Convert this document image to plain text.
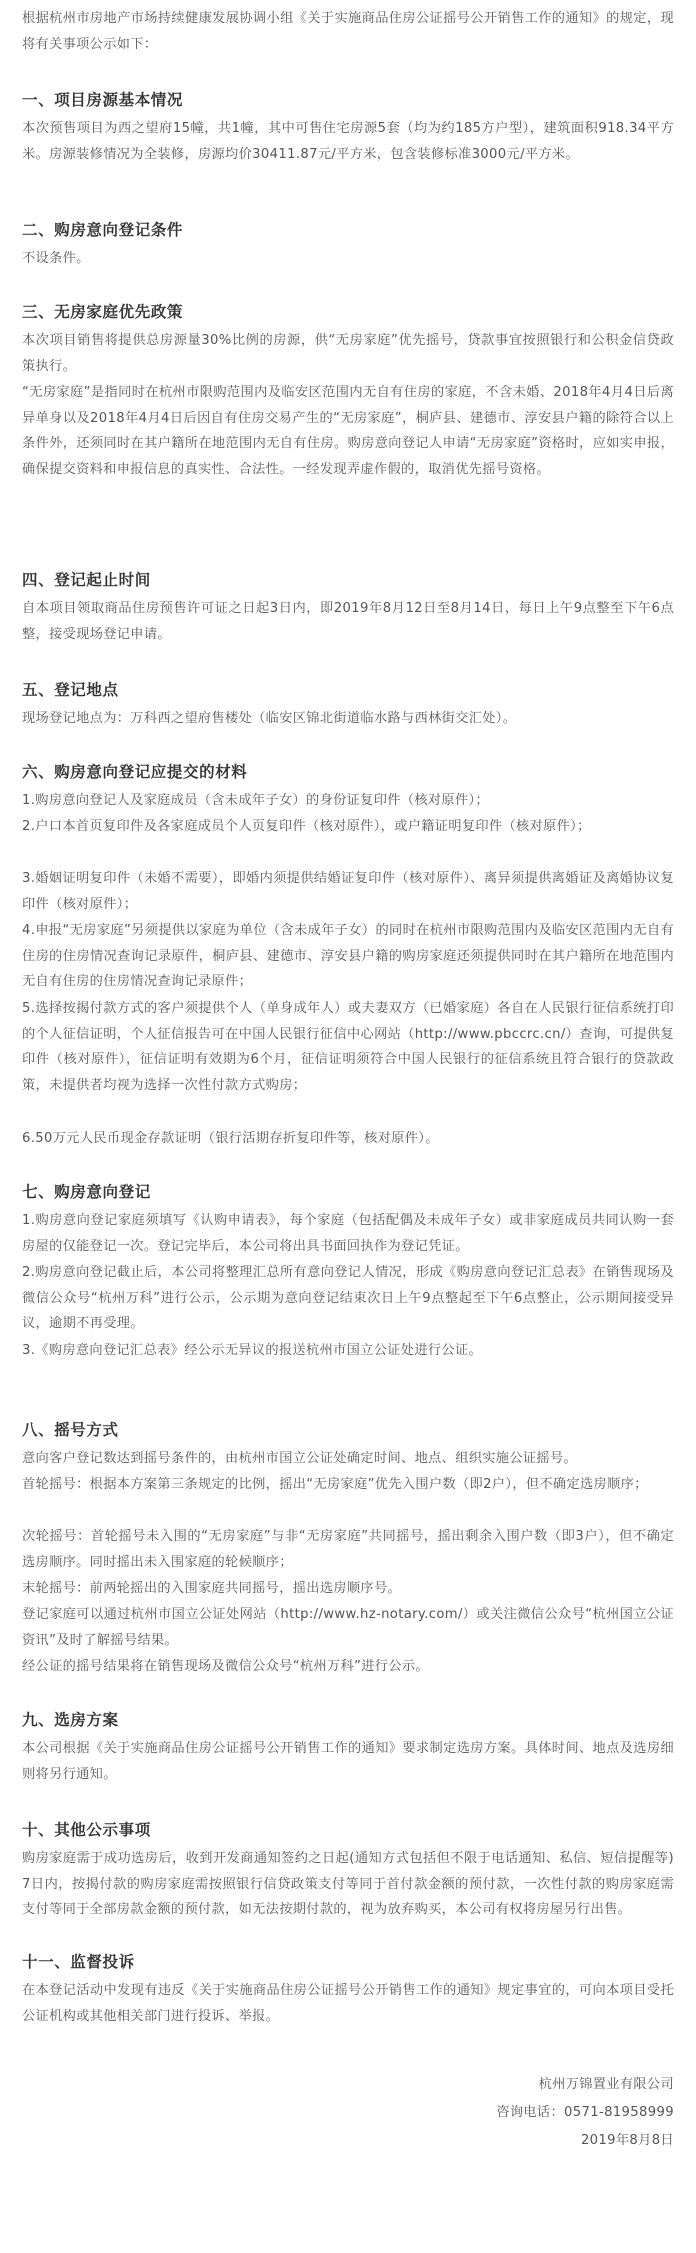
根据杭州市房地产市场持续健康发展协调小组《关于实施商品住房公证摇号公开销售工作的通知》的规定，现将有关事项公示如下：

一、项目房源基本情况

本次预售项目为西之望府15幢，共1幢，其中可售住宅房源5套（均为约185方户型），建筑面积918.34平方米。房源装修情况为全装修，房源均价30411.87元/平方米，包含装修标准3000元/平方米。

二、购房意向登记条件

不设条件。

三、无房家庭优先政策

本次项目销售将提供总房源量30%比例的房源，供“无房家庭”优先摇号，贷款事宜按照银行和公积金信贷政策执行。

“无房家庭”是指同时在杭州市限购范围内及临安区范围内无自有住房的家庭，不含未婚、2018年4月4日后离异单身以及2018年4月4日后因自有住房交易产生的“无房家庭”，桐庐县、建德市、淳安县户籍的除符合以上条件外，还须同时在其户籍所在地范围内无自有住房。购房意向登记人申请“无房家庭”资格时，应如实申报，确保提交资料和申报信息的真实性、合法性。一经发现弄虚作假的，取消优先摇号资格。

四、登记起止时间

自本项目领取商品住房预售许可证之日起3日内，即2019年8月12日至8月14日，每日上午9点整至下午6点整，接受现场登记申请。

五、登记地点

现场登记地点为：万科西之望府售楼处（临安区锦北街道临水路与西林街交汇处）。

六、购房意向登记应提交的材料

1.购房意向登记人及家庭成员（含未成年子女）的身份证复印件（核对原件）；

2.户口本首页复印件及各家庭成员个人页复印件（核对原件），或户籍证明复印件（核对原件）；

3.婚姻证明复印件（未婚不需要），即婚内须提供结婚证复印件（核对原件）、离异须提供离婚证及离婚协议复印件（核对原件）；

4.申报“无房家庭”另须提供以家庭为单位（含未成年子女）的同时在杭州市限购范围内及临安区范围内无自有住房的住房情况查询记录原件，桐庐县、建德市、淳安县户籍的购房家庭还须提供同时在其户籍所在地范围内无自有住房的住房情况查询记录原件；

5.选择按揭付款方式的客户须提供个人（单身成年人）或夫妻双方（已婚家庭）各自在人民银行征信系统打印的个人征信证明，个人征信报告可在中国人民银行征信中心网站（http://www.pbccrc.cn/）查询，可提供复印件（核对原件），征信证明有效期为6个月，征信证明须符合中国人民银行的征信系统且符合银行的贷款政策，未提供者均视为选择一次性付款方式购房；

6.50万元人民币现金存款证明（银行活期存折复印件等，核对原件）。

七、购房意向登记

1.购房意向登记家庭须填写《认购申请表》，每个家庭（包括配偶及未成年子女）或非家庭成员共同认购一套房屋的仅能登记一次。登记完毕后，本公司将出具书面回执作为登记凭证。

2.购房意向登记截止后，本公司将整理汇总所有意向登记人情况，形成《购房意向登记汇总表》在销售现场及微信公众号“杭州万科”进行公示，公示期为意向登记结束次日上午9点整起至下午6点整止，公示期间接受异议，逾期不再受理。

3.《购房意向登记汇总表》经公示无异议的报送杭州市国立公证处进行公证。

八、摇号方式

意向客户登记数达到摇号条件的，由杭州市国立公证处确定时间、地点、组织实施公证摇号。

首轮摇号：根据本方案第三条规定的比例，摇出“无房家庭”优先入围户数（即2户），但不确定选房顺序；

次轮摇号：首轮摇号未入围的“无房家庭”与非“无房家庭”共同摇号，摇出剩余入围户数（即3户），但不确定选房顺序。同时摇出未入围家庭的轮候顺序；

末轮摇号：前两轮摇出的入围家庭共同摇号，摇出选房顺序号。

登记家庭可以通过杭州市国立公证处网站（http://www.hz-notary.com/）或关注微信公众号“杭州国立公证资讯”及时了解摇号结果。

经公证的摇号结果将在销售现场及微信公众号“杭州万科”进行公示。

九、选房方案

本公司根据《关于实施商品住房公证摇号公开销售工作的通知》要求制定选房方案。具体时间、地点及选房细则将另行通知。

十、其他公示事项

购房家庭需于成功选房后，收到开发商通知签约之日起(通知方式包括但不限于电话通知、私信、短信提醒等)7日内，按揭付款的购房家庭需按照银行信贷政策支付等同于首付款金额的预付款，一次性付款的购房家庭需支付等同于全部房款金额的预付款，如无法按期付款的，视为放弃购买，本公司有权将房屋另行出售。

十一、监督投诉

在本登记活动中发现有违反《关于实施商品住房公证摇号公开销售工作的通知》规定事宜的，可向本项目受托公证机构或其他相关部门进行投诉、举报。

杭州万锦置业有限公司

咨询电话：0571-81958999

2019年8月8日
